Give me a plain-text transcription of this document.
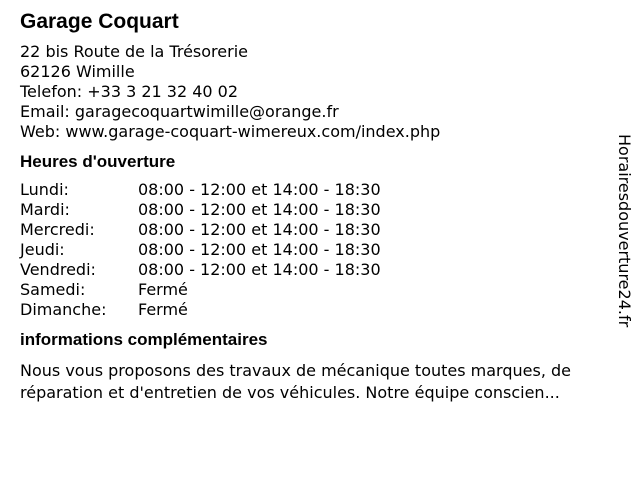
Garage Coquart
22 bis Route de la Trésorerie
62126 Wimille
Telefon: +33 3 21 32 40 02
Email: garagecoquartwimille@orange.fr
Web: www.garage-coquart-wimereux.com/index.php
Heures d'ouverture
Lundi:	08:00 - 12:00 et 14:00 - 18:30
Mardi:	08:00 - 12:00 et 14:00 - 18:30
Mercredi:	08:00 - 12:00 et 14:00 - 18:30
Jeudi:	08:00 - 12:00 et 14:00 - 18:30
Vendredi:	08:00 - 12:00 et 14:00 - 18:30
Samedi:	Fermé
Dimanche:	Fermé
informations complémentaires

Nous vous proposons des travaux de mécanique toutes marques, de réparation et d'entretien de vos véhicules. Notre équipe conscien...

Horairesdouverture24.fr
